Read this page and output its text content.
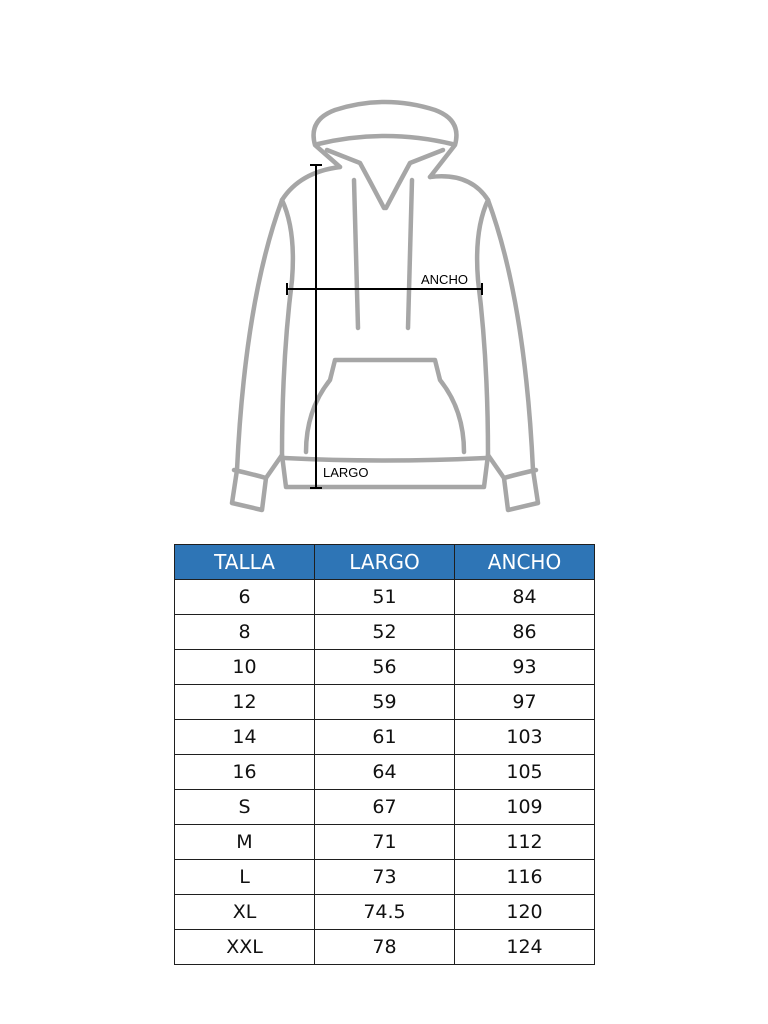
ANCHO
LARGO
TALLA	LARGO	ANCHO
6	51	84
8	52	86
10	56	93
12	59	97
14	61	103
16	64	105
S	67	109
M	71	112
L	73	116
XL	74.5	120
XXL	78	124
